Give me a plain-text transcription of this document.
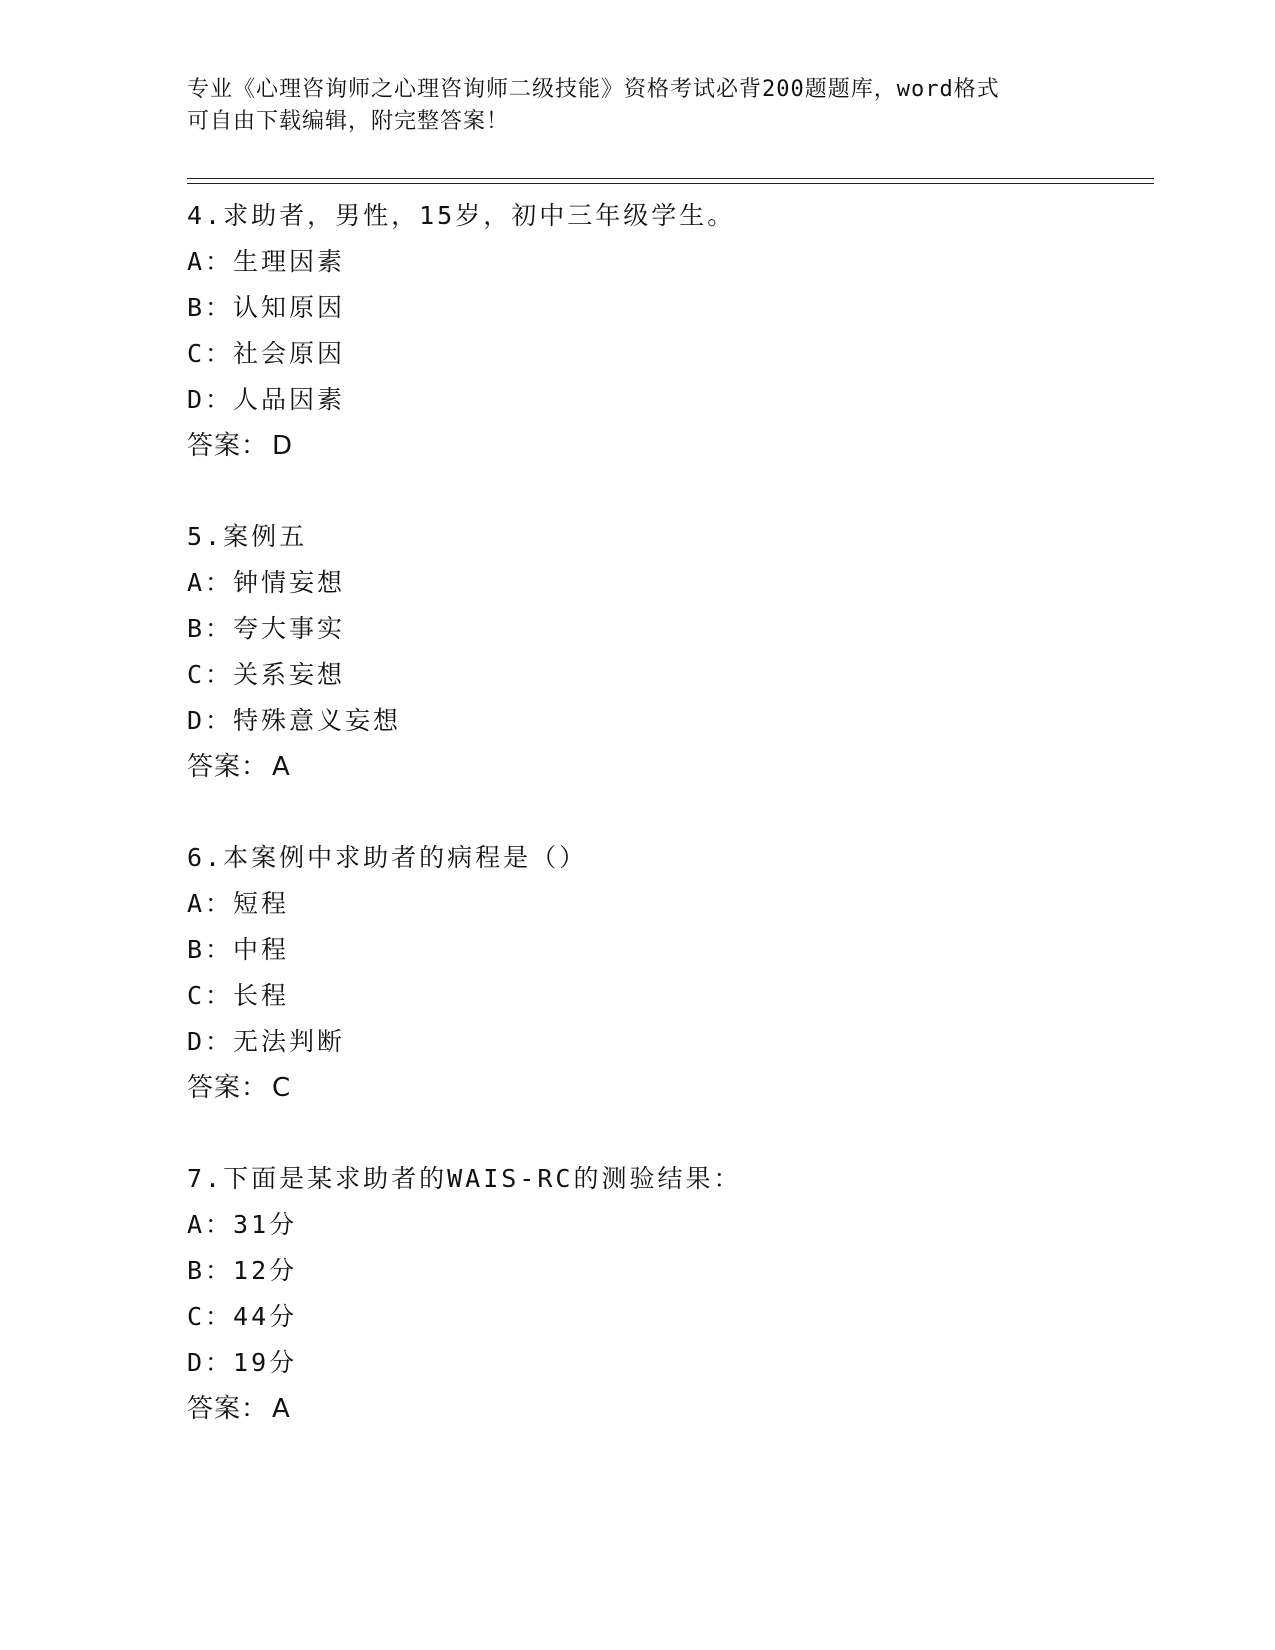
专业《心理咨询师之心理咨询师二级技能》资格考试必背200题题库，word格式
可自由下载编辑，附完整答案！
4.求助者，男性，15岁，初中三年级学生。
A：生理因素
B：认知原因
C：社会原因
D：人品因素
答案： D
5.案例五
A：钟情妄想
B：夸大事实
C：关系妄想
D：特殊意义妄想
答案： A
6.本案例中求助者的病程是（）
A：短程
B：中程
C：长程
D：无法判断
答案： C
7.下面是某求助者的WAIS-RC的测验结果：
A：31分
B：12分
C：44分
D：19分
答案： A
